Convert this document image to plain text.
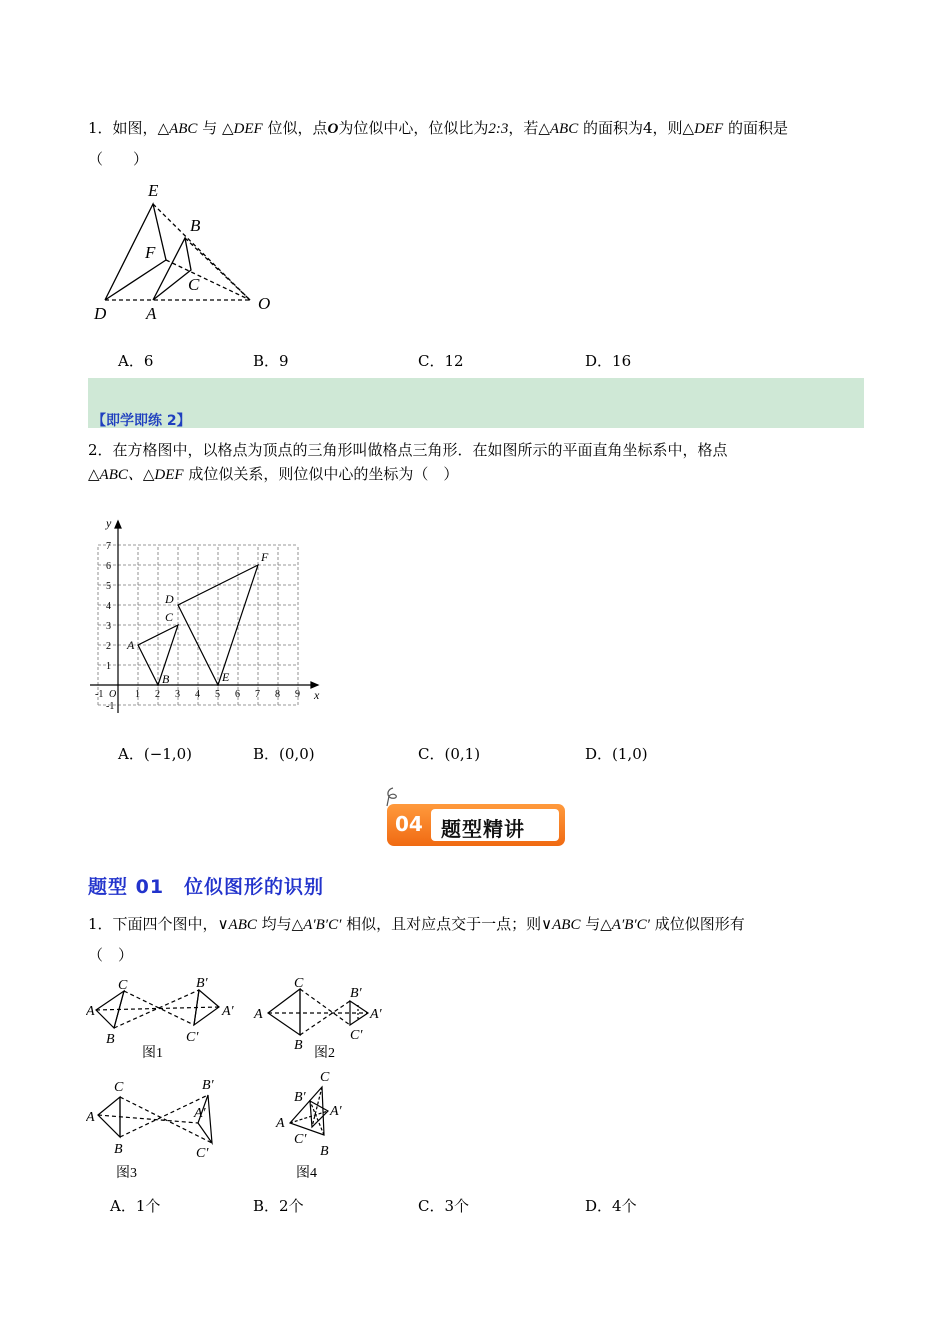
1．如图，△ABC 与 △DEF 位似，点O为位似中心，位似比为2:3，若△ABC 的面积为4，则△DEF 的面积是
（　　）
E
B
F
C
D A
O
A．6	B．9	C．12	D．16
【即学即练 2】
2．在方格图中，以格点为顶点的三角形叫做格点三角形．在如图所示的平面直角坐标系中，格点
△ABC、△DEF 成位似关系，则位似中心的坐标为（　）
-1	1 2 3 4 5 6 7 8 9
-1
1
2
3
4
5
6
7
O	x
y
A
B
C
D
E
F
A．(−1,0)	B．(0,0)	C．(0,1)	D．(1,0)
04 题型精讲
题型 01　位似图形的识别
1．下面四个图中，∨ABC 均与△A′B′C′ 相似，且对应点交于一点；则∨ABC 与△A′B′C′ 成位似图形有
（　）
C
A
B
B′
A′
C′
图1
C
A
B
B′
A′
C′
图2
C
A
B
B′
A′
C′
图3
C
B′
A′
A
C′
B
图4
A．1个	B．2个	C．3个	D．4个
